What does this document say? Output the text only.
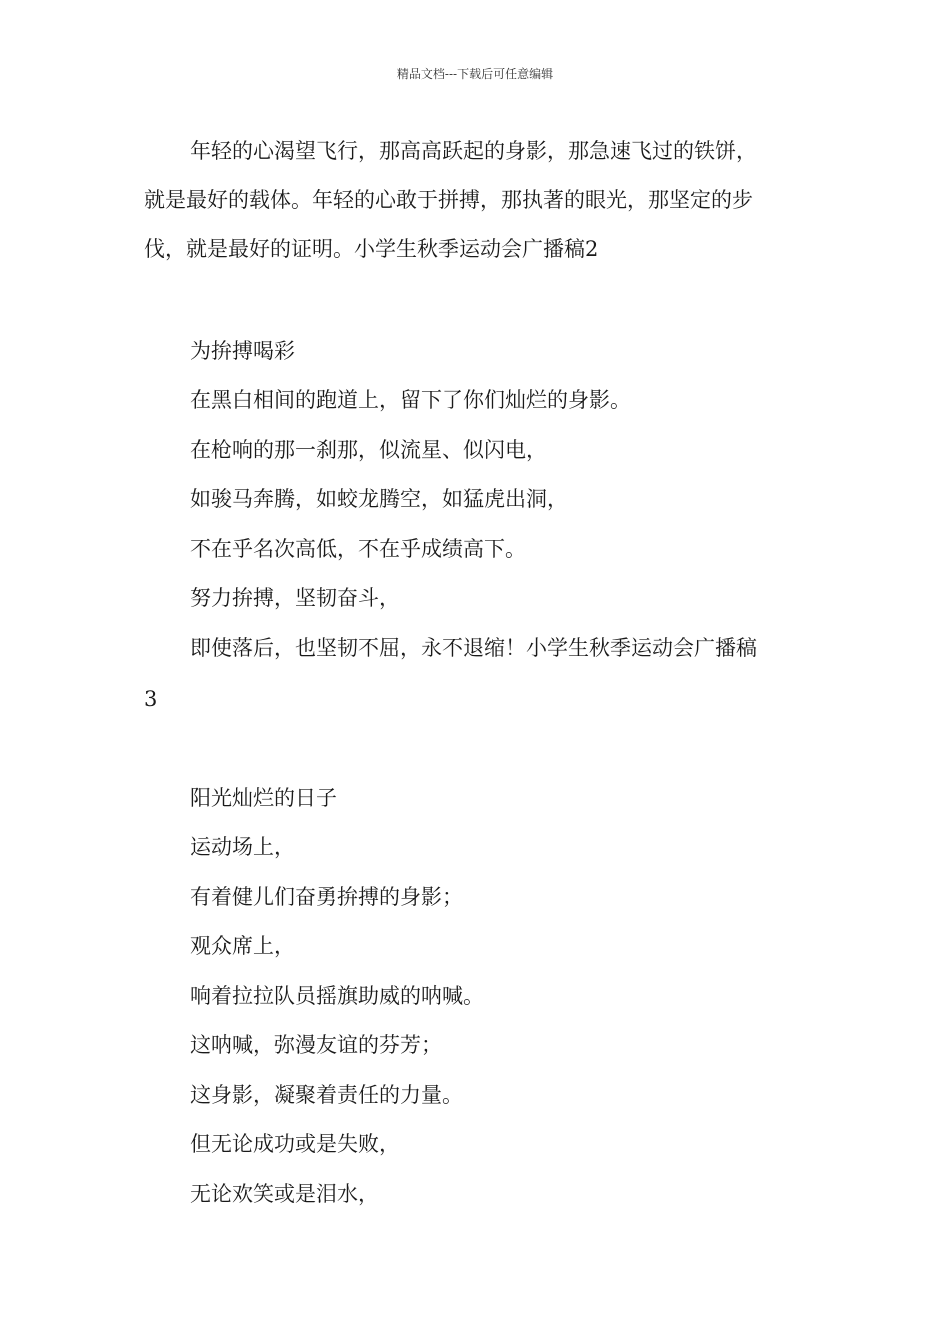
精品文档---下载后可任意编辑
年轻的心渴望飞行，那高高跃起的身影，那急速飞过的铁饼，
就是最好的载体。年轻的心敢于拼搏，那执著的眼光，那坚定的步
伐，就是最好的证明。小学生秋季运动会广播稿2
为拚搏喝彩
在黑白相间的跑道上，留下了你们灿烂的身影。
在枪响的那一刹那，似流星、似闪电，
如骏马奔腾，如蛟龙腾空，如猛虎出洞，
不在乎名次高低，不在乎成绩高下。
努力拚搏，坚韧奋斗，
即使落后，也坚韧不屈，永不退缩！小学生秋季运动会广播稿
3
阳光灿烂的日子
运动场上，
有着健儿们奋勇拚搏的身影；
观众席上，
响着拉拉队员摇旗助威的呐喊。
这呐喊，弥漫友谊的芬芳；
这身影，凝聚着责任的力量。
但无论成功或是失败，
无论欢笑或是泪水，
